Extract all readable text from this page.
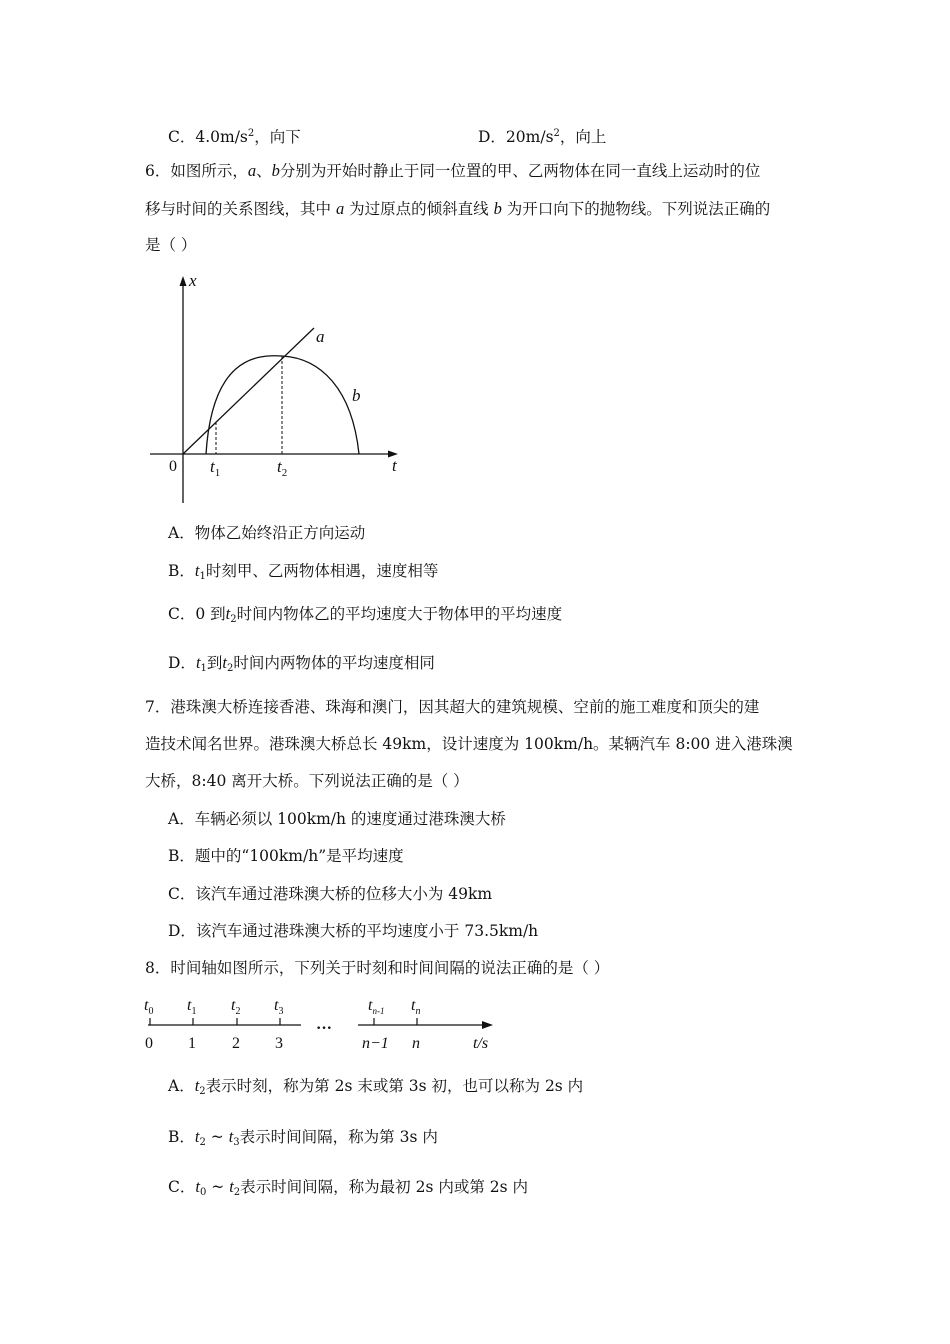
C．$4.0m/s^2$，向下	D．$20m/s^2$，向上
6．如图所示，a、b分别为开始时静止于同一位置的甲、乙两物体在同一直线上运动时的位
移与时间的关系图线，其中 a 为过原点的倾斜直线 b 为开口向下的抛物线。下列说法正确的
是（ ）
x
t
0 $t_1$	$t_2$
a
b
A．物体乙始终沿正方向运动
B．$t_1$时刻甲、乙两物体相遇，速度相等
C．0 到$t_2$时间内物体乙的平均速度大于物体甲的平均速度
D．$t_1$到$t_2$时间内两物体的平均速度相同
7．港珠澳大桥连接香港、珠海和澳门，因其超大的建筑规模、空前的施工难度和顶尖的建
造技术闻名世界。港珠澳大桥总长 49km，设计速度为 100km/h。某辆汽车 8:00 进入港珠澳
大桥，8:40 离开大桥。下列说法正确的是（ ）
A．车辆必须以 100km/h 的速度通过港珠澳大桥
B．题中的“100km/h”是平均速度
C．该汽车通过港珠澳大桥的位移大小为 49km
D．该汽车通过港珠澳大桥的平均速度小于 73.5km/h
8．时间轴如图所示，下列关于时刻和时间间隔的说法正确的是（ ）
···
$t_0$ $t_1$ $t_2$ $t_3$	$t_{n-1}$ $t_n$
0 1 2 3	n−1 n	t/s
A．$t_2$表示时刻，称为第 2s 末或第 3s 初，也可以称为 2s 内
B．$t_2$ ~ $t_3$表示时间间隔，称为第 3s 内
C．$t_0$ ~ $t_2$表示时间间隔，称为最初 2s 内或第 2s 内
